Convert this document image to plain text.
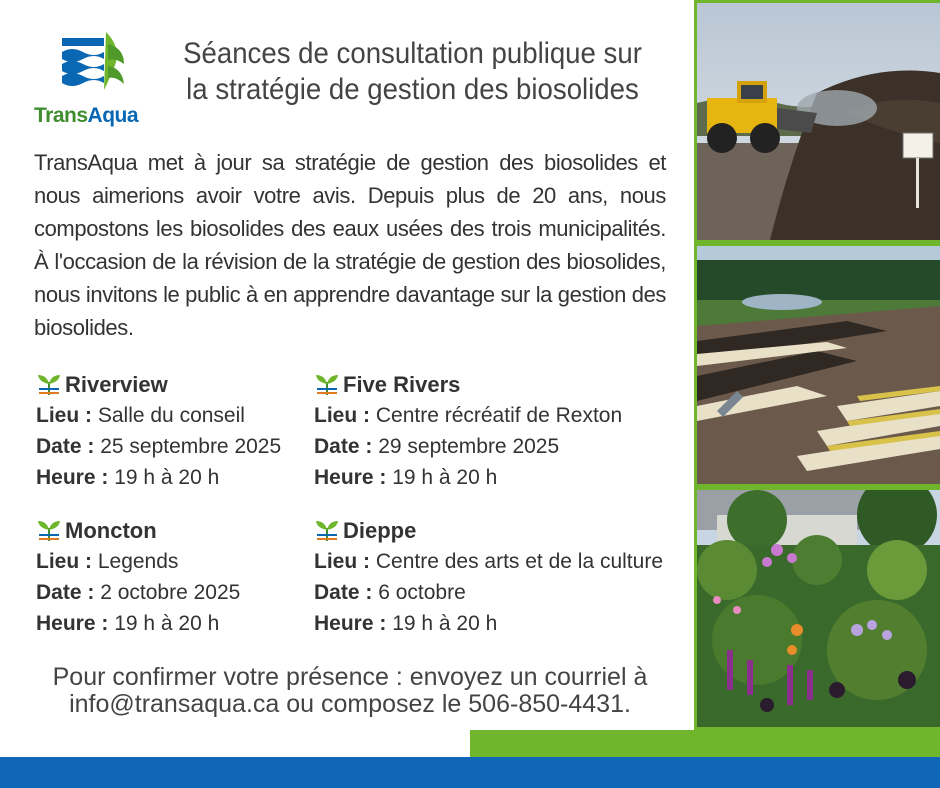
TransAqua
Séances de consultation publique sur la stratégie de gestion des biosolides
TransAqua met à jour sa stratégie de gestion des biosolides et nous aimerions avoir votre avis. Depuis plus de 20 ans, nous compostons les biosolides des eaux usées des trois municipalités. À l'occasion de la révision de la stratégie de gestion des biosolides, nous invitons le public à en apprendre davantage sur la gestion des biosolides.
Riverview
Lieu : Salle du conseil
Date : 25 septembre 2025
Heure : 19 h à 20 h
Five Rivers
Lieu : Centre récréatif de Rexton
Date : 29 septembre 2025
Heure : 19 h à 20 h
Moncton
Lieu : Legends
Date : 2 octobre 2025
Heure : 19 h à 20 h
Dieppe
Lieu : Centre des arts et de la culture
Date : 6 octobre
Heure : 19 h à 20 h
Pour confirmer votre présence : envoyez un courriel à
info@transaqua.ca ou composez le 506-850-4431.
